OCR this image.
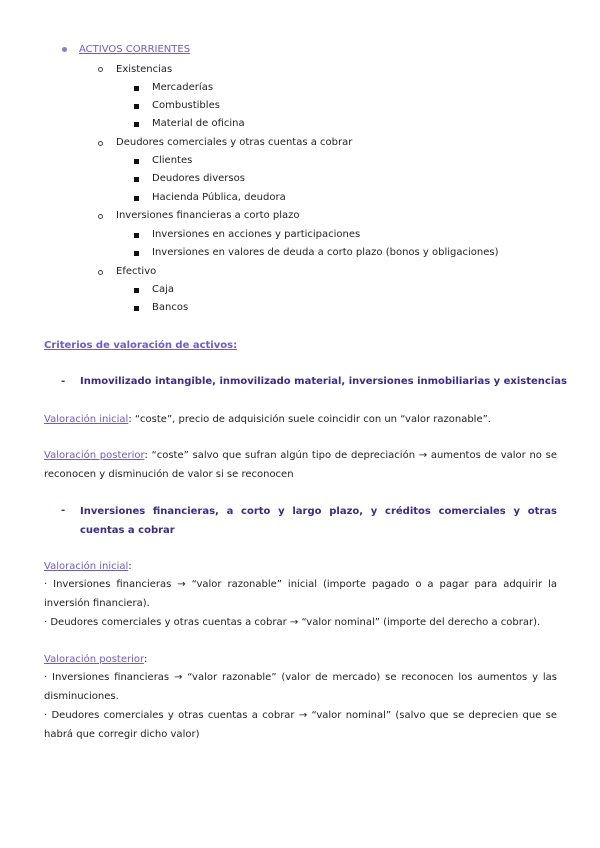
ACTIVOS CORRIENTES
Existencias
Mercaderías
Combustibles
Material de oficina
Deudores comerciales y otras cuentas a cobrar
Clientes
Deudores diversos
Hacienda Pública, deudora
Inversiones financieras a corto plazo
Inversiones en acciones y participaciones
Inversiones en valores de deuda a corto plazo (bonos y obligaciones)
Efectivo
Caja
Bancos
Criterios de valoración de activos:
- Inmovilizado intangible, inmovilizado material, inversiones inmobiliarias y existencias
Valoración inicial: “coste”, precio de adquisición suele coincidir con un “valor razonable”.
Valoración posterior: “coste” salvo que sufran algún tipo de depreciación → aumentos de valor no se reconocen y disminución de valor si se reconocen
- Inversiones financieras, a corto y largo plazo, y créditos comerciales y otras cuentas a cobrar
Valoración inicial:
· Inversiones financieras → “valor razonable” inicial (importe pagado o a pagar para adquirir la inversión financiera).
· Deudores comerciales y otras cuentas a cobrar → “valor nominal” (importe del derecho a cobrar).
Valoración posterior:
· Inversiones financieras → “valor razonable” (valor de mercado) se reconocen los aumentos y las disminuciones.
· Deudores comerciales y otras cuentas a cobrar → “valor nominal” (salvo que se deprecien que se habrá que corregir dicho valor)
